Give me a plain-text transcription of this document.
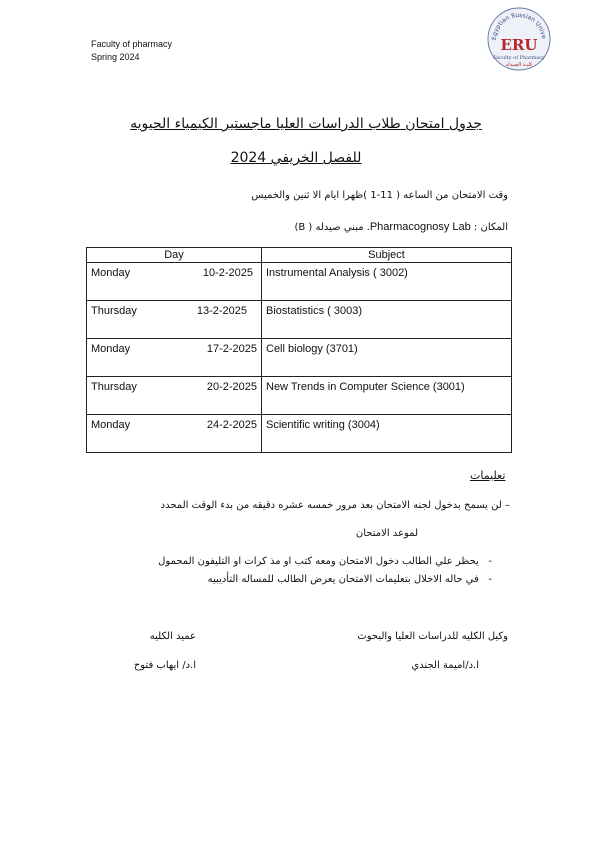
Faculty of pharmacy
Spring 2024
Egyptian Russian Unive
ERU
Faculty of Pharmacy
كليـة الصيدلة
جدول امتحان طلاب الدراسات العليا ماجستير الكيمياء الحيويه
للفصل الخريفي 2024
وقت الامتحان من الساعه ( 11-1 )ظهرا ايام الا ثنين والخميس
المكان : Pharmacognosy Lab. مبني صيدله ( B)
Day	Subject

Monday 10-2-2025	Instrumental Analysis ( 3002)

Thursday 13-2-2025	Biostatistics ( 3003)

Monday 17-2-2025	Cell biology (3701)

Thursday 20-2-2025	New Trends in Computer Science (3001)

Monday 24-2-2025	Scientific writing (3004)
تعليمات
– لن يسمح بدخول لجنه الامتحان بعد مرور خمسه عشره دقيقه من بدء الوقت المحدد
لموعد الامتحان
-   يحظر علي الطالب دخول الامتحان ومعه كتب او مذ كرات او التليفون المحمول
-   في حاله الاخلال بتعليمات الامتحان يعرض الطالب للمساله التأديبيه
وكيل الكليه للدراسات العليا والبحوث
ا.د/اميمة الجندي
عميد الكليه
ا.د/ ايهاب فتوح
